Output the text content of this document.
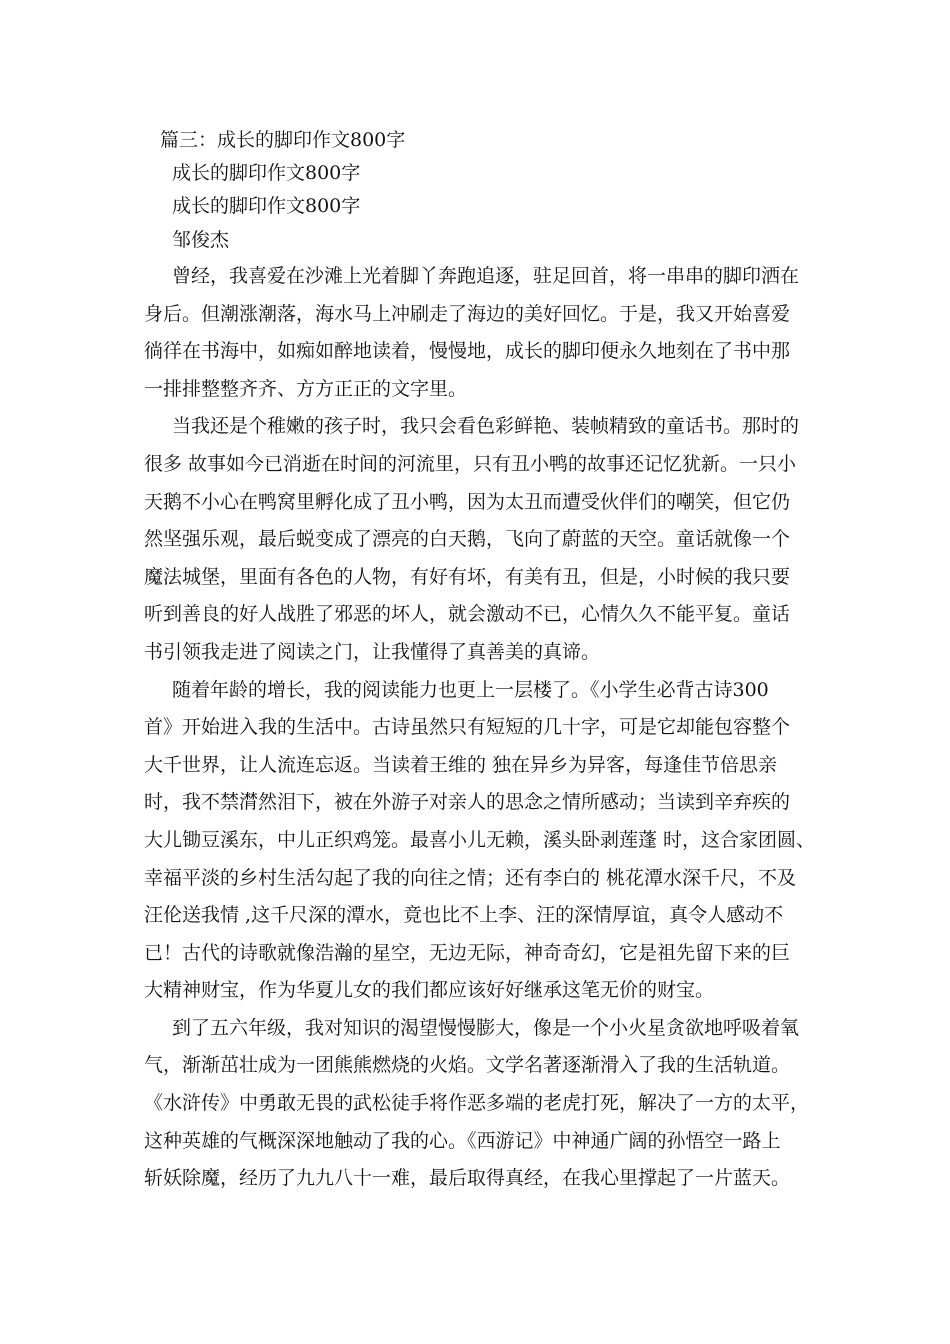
篇三：成长的脚印作文800字
成长的脚印作文800字
成长的脚印作文800字
邹俊杰

曾经，我喜爱在沙滩上光着脚丫奔跑追逐，驻足回首，将一串串的脚印洒在
身后。但潮涨潮落，海水马上冲刷走了海边的美好回忆。于是，我又开始喜爱
徜徉在书海中，如痴如醉地读着，慢慢地，成长的脚印便永久地刻在了书中那
一排排整整齐齐、方方正正的文字里。

当我还是个稚嫩的孩子时，我只会看色彩鲜艳、装帧精致的童话书。那时的
很多 故事如今已消逝在时间的河流里，只有丑小鸭的故事还记忆犹新。一只小
天鹅不小心在鸭窝里孵化成了丑小鸭，因为太丑而遭受伙伴们的嘲笑，但它仍
然坚强乐观，最后蜕变成了漂亮的白天鹅，飞向了蔚蓝的天空。童话就像一个
魔法城堡，里面有各色的人物，有好有坏，有美有丑，但是，小时候的我只要
听到善良的好人战胜了邪恶的坏人，就会激动不已，心情久久不能平复。童话
书引领我走进了阅读之门，让我懂得了真善美的真谛。

随着年龄的增长，我的阅读能力也更上一层楼了。《小学生必背古诗300
首》开始进入我的生活中。古诗虽然只有短短的几十字，可是它却能包容整个
大千世界，让人流连忘返。当读着王维的 独在异乡为异客，每逢佳节倍思亲
时，我不禁潸然泪下，被在外游子对亲人的思念之情所感动；当读到辛弃疾的
大儿锄豆溪东，中儿正织鸡笼。最喜小儿无赖，溪头卧剥莲蓬 时，这合家团圆、
幸福平淡的乡村生活勾起了我的向往之情；还有李白的 桃花潭水深千尺，不及
汪伦送我情 ,这千尺深的潭水，竟也比不上李、汪的深情厚谊，真令人感动不
已！古代的诗歌就像浩瀚的星空，无边无际，神奇奇幻，它是祖先留下来的巨
大精神财宝，作为华夏儿女的我们都应该好好继承这笔无价的财宝。

到了五六年级，我对知识的渴望慢慢膨大，像是一个小火星贪欲地呼吸着氧
气，渐渐茁壮成为一团熊熊燃烧的火焰。文学名著逐渐滑入了我的生活轨道。
《水浒传》中勇敢无畏的武松徒手将作恶多端的老虎打死，解决了一方的太平，
这种英雄的气概深深地触动了我的心。《西游记》中神通广阔的孙悟空一路上
斩妖除魔，经历了九九八十一难，最后取得真经，在我心里撑起了一片蓝天。
